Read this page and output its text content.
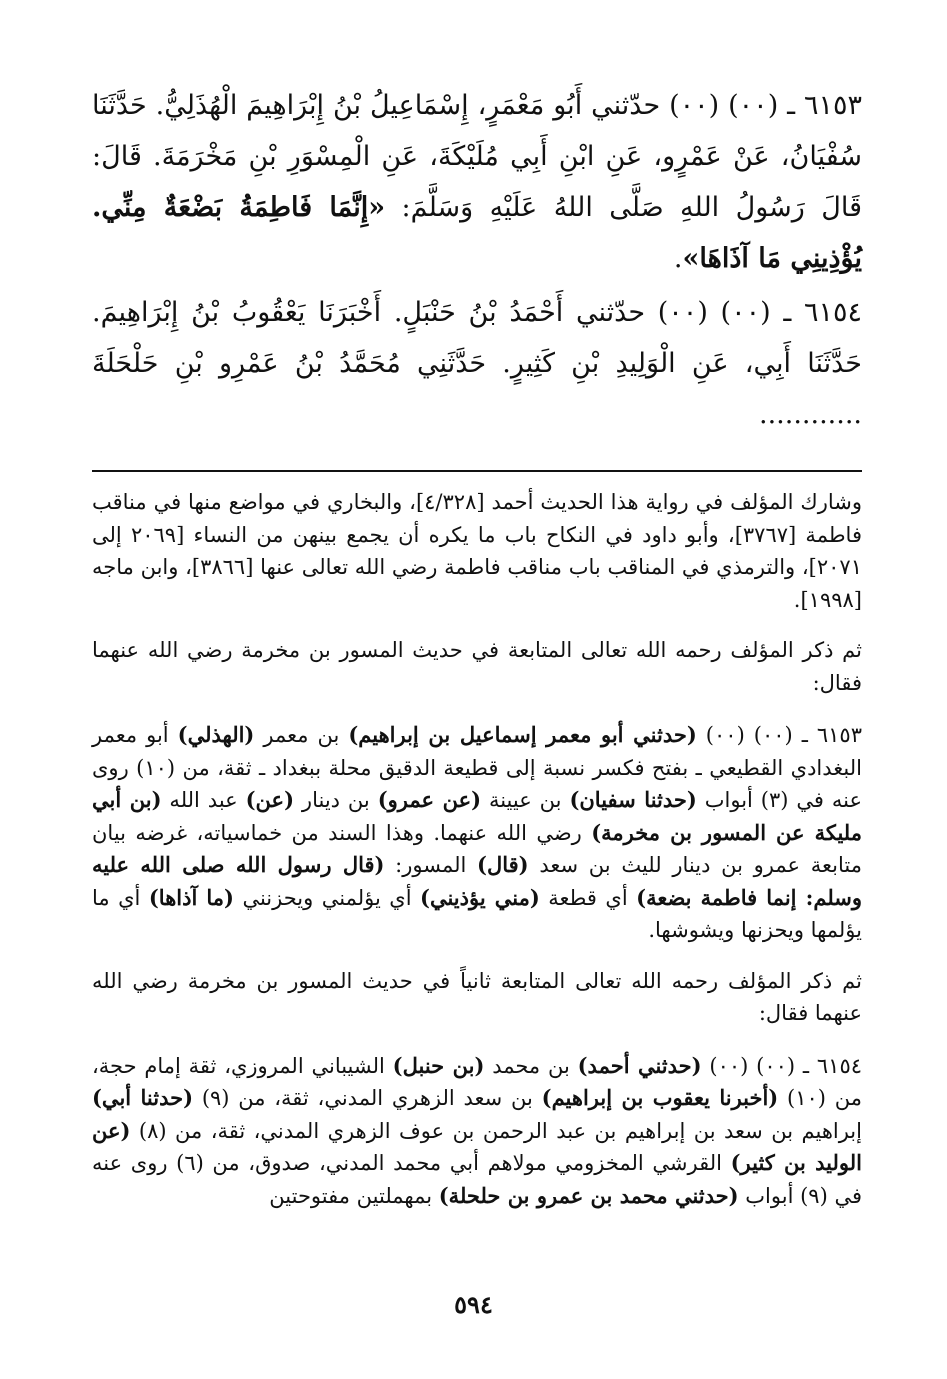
٦١٥٣ ـ (٠٠) (٠٠) حدّثني أَبُو مَعْمَرٍ، إِسْمَاعِيلُ بْنُ إِبْرَاهِيمَ الْهُذَلِيُّ. حَدَّثَنَا سُفْيَانُ، عَنْ عَمْرٍو، عَنِ ابْنِ أَبِي مُلَيْكَةَ، عَنِ الْمِسْوَرِ بْنِ مَخْرَمَةَ. قَالَ: قَالَ رَسُولُ اللهِ صَلَّى اللهُ عَلَيْهِ وَسَلَّمَ: «إِنَّمَا فَاطِمَةُ بَضْعَةٌ مِنِّي. يُؤْذِينِي مَا آذَاهَا».

٦١٥٤ ـ (٠٠) (٠٠) حدّثني أَحْمَدُ بْنُ حَنْبَلٍ. أَخْبَرَنَا يَعْقُوبُ بْنُ إِبْرَاهِيمَ. حَدَّثَنَا أَبِي، عَنِ الْوَلِيدِ بْنِ كَثِيرٍ. حَدَّثَنِي مُحَمَّدُ بْنُ عَمْرِو بْنِ حَلْحَلَةَ ............

وشارك المؤلف في رواية هذا الحديث أحمد [٤/٣٢٨]، والبخاري في مواضع منها في مناقب فاطمة [٣٧٦٧]، وأبو داود في النكاح باب ما يكره أن يجمع بينهن من النساء [٢٠٦٩ إلى ٢٠٧١]، والترمذي في المناقب باب مناقب فاطمة رضي الله تعالى عنها [٣٨٦٦]، وابن ماجه [١٩٩٨].

ثم ذكر المؤلف رحمه الله تعالى المتابعة في حديث المسور بن مخرمة رضي الله عنهما فقال:

٦١٥٣ ـ (٠٠) (٠٠) (حدثني أبو معمر إسماعيل بن إبراهيم) بن معمر (الهذلي) أبو معمر البغدادي القطيعي ـ بفتح فكسر نسبة إلى قطيعة الدقيق محلة ببغداد ـ ثقة، من (١٠) روى عنه في (٣) أبواب (حدثنا سفيان) بن عيينة (عن عمرو) بن دينار (عن) عبد الله (بن أبي مليكة عن المسور بن مخرمة) رضي الله عنهما. وهذا السند من خماسياته، غرضه بيان متابعة عمرو بن دينار لليث بن سعد (قال) المسور: (قال رسول الله صلى الله عليه وسلم: إنما فاطمة بضعة) أي قطعة (مني يؤذيني) أي يؤلمني ويحزنني (ما آذاها) أي ما يؤلمها ويحزنها ويشوشها.

ثم ذكر المؤلف رحمه الله تعالى المتابعة ثانياً في حديث المسور بن مخرمة رضي الله عنهما فقال:

٦١٥٤ ـ (٠٠) (٠٠) (حدثني أحمد) بن محمد (بن حنبل) الشيباني المروزي، ثقة إمام حجة، من (١٠) (أخبرنا يعقوب بن إبراهيم) بن سعد الزهري المدني، ثقة، من (٩) (حدثنا أبي) إبراهيم بن سعد بن إبراهيم بن عبد الرحمن بن عوف الزهري المدني، ثقة، من (٨) (عن الوليد بن كثير) القرشي المخزومي مولاهم أبي محمد المدني، صدوق، من (٦) روى عنه في (٩) أبواب (حدثني محمد بن عمرو بن حلحلة) بمهملتين مفتوحتين

٥٩٤
